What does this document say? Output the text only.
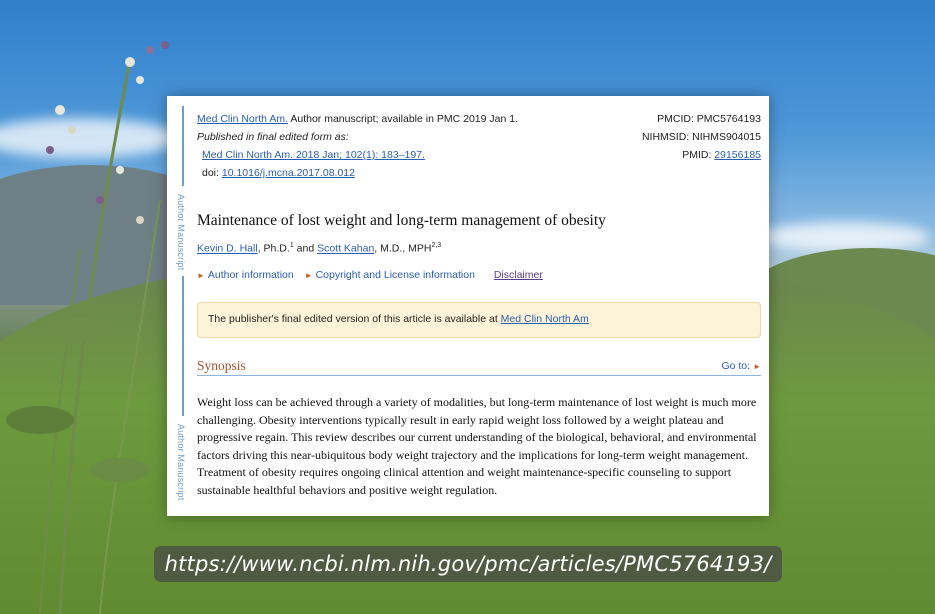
Author Manuscript
Author Manuscript
Med Clin North Am. Author manuscript; available in PMC 2019 Jan 1.
Published in final edited form as:
Med Clin North Am. 2018 Jan; 102(1): 183–197.
doi: 10.1016/j.mcna.2017.08.012
PMCID: PMC5764193
NIHMSID: NIHMS904015
PMID: 29156185
Maintenance of lost weight and long-term management of obesity
Kevin D. Hall, Ph.D.$^1$ and Scott Kahan, M.D., MPH$^{2,3}$
► Author information ► Copyright and License information Disclaimer
The publisher's final edited version of this article is available at Med Clin North Am
Synopsis	Go to: ►
Weight loss can be achieved through a variety of modalities, but long-term maintenance of lost weight is much more challenging. Obesity interventions typically result in early rapid weight loss followed by a weight plateau and progressive regain. This review describes our current understanding of the biological, behavioral, and environmental factors driving this near-ubiquitous body weight trajectory and the implications for long-term weight management. Treatment of obesity requires ongoing clinical attention and weight maintenance-specific counseling to support sustainable healthful behaviors and positive weight regulation.
https://www.ncbi.nlm.nih.gov/pmc/articles/PMC5764193/
